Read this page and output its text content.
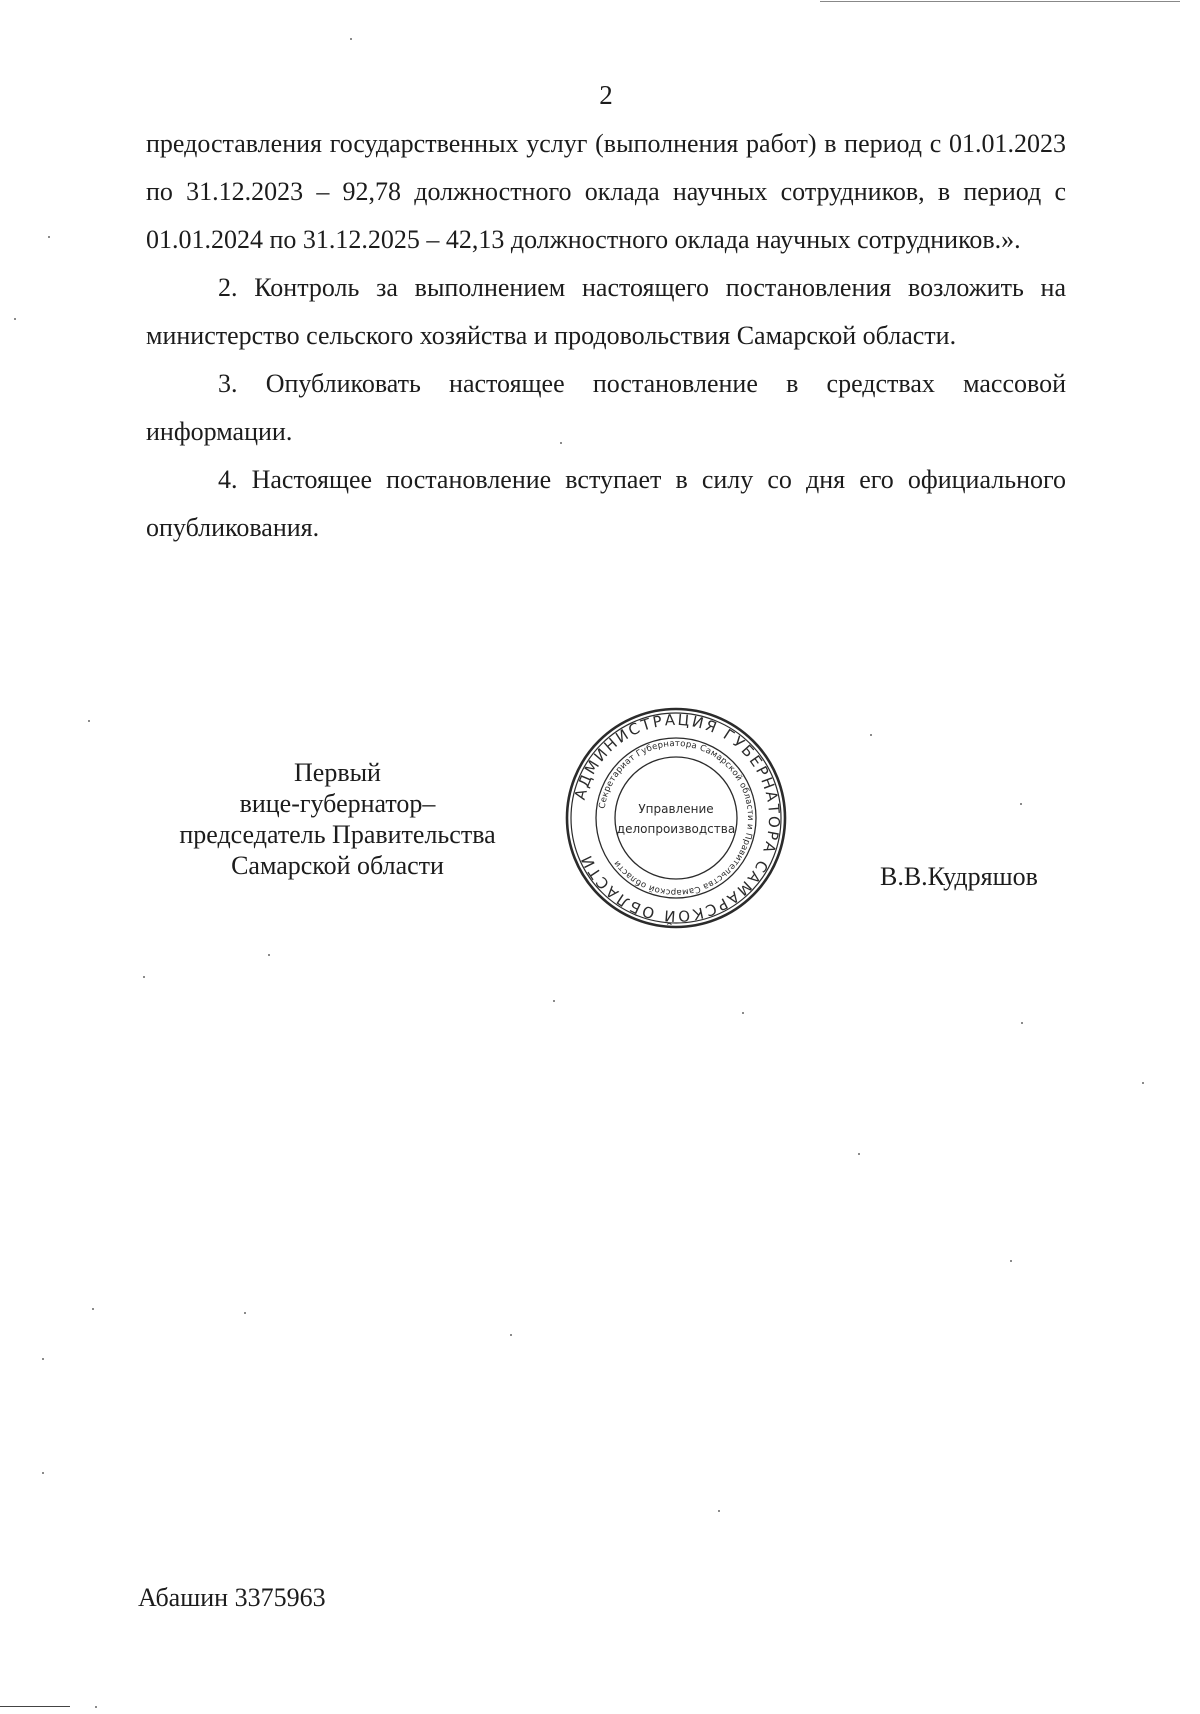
2

предоставления государственных услуг (выполнения работ) в период с 01.01.2023 по 31.12.2023 – 92,78 должностного оклада научных сотрудников, в период с 01.01.2024 по 31.12.2025 – 42,13 должностного оклада научных сотрудников.».

2. Контроль за выполнением настоящего постановления возложить на министерство сельского хозяйства и продовольствия Самарской области.

3. Опубликовать настоящее постановление в средствах массовой информации.

4. Настоящее постановление вступает в силу со дня его официального опубликования.

Первый
вице-губернатор–
председатель Правительства
Самарской области
АДМИНИСТРАЦИЯ ГУБЕРНАТОРА САМАРСКОЙ ОБЛАСТИ
Секретариат Губернатора Самарской области и Правительства Самарской области
Управление
делопроизводства
В.В.Кудряшов
Абашин 3375963
